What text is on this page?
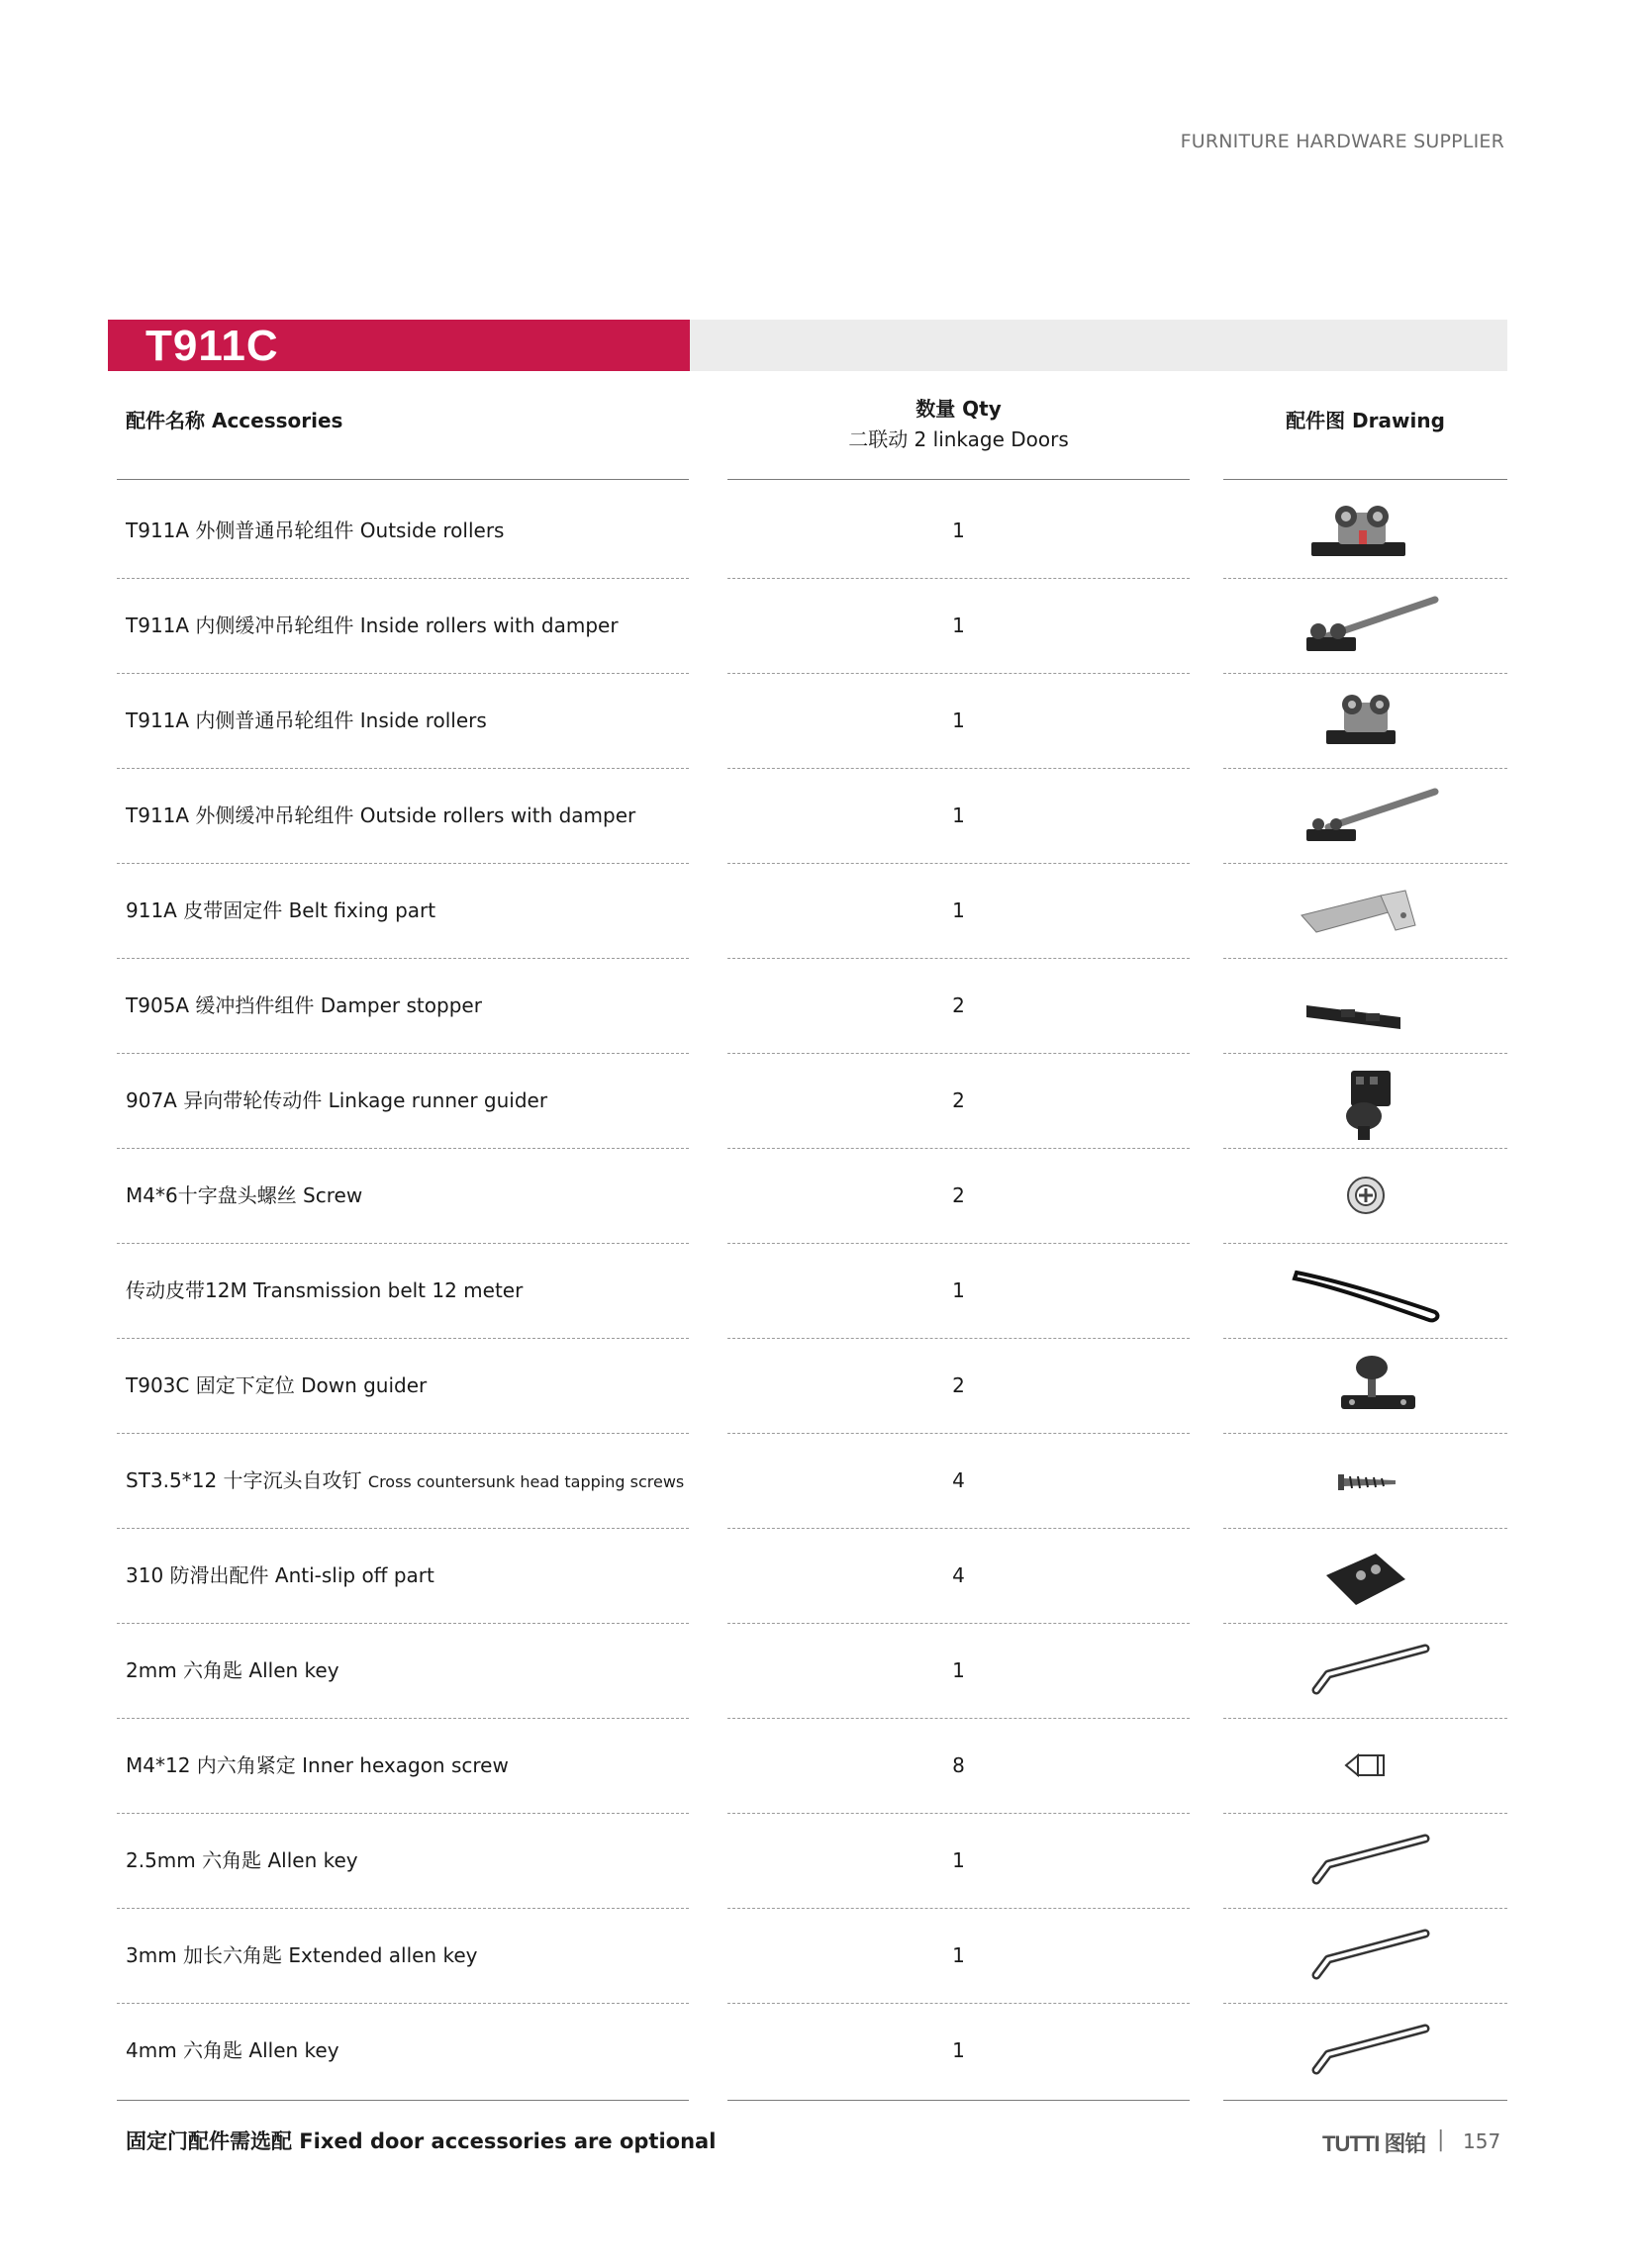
FURNITURE HARDWARE SUPPLIER
T911C
配件名称 Accessories	数量 Qty
二联动 2 linkage Doors
配件图 Drawing
T911A 外侧普通吊轮组件 Outside rollers	1
T911A 内侧缓冲吊轮组件 Inside rollers with damper	1
T911A 内侧普通吊轮组件 Inside rollers	1
T911A 外侧缓冲吊轮组件 Outside rollers with damper	1
911A 皮带固定件 Belt fixing part	1
T905A 缓冲挡件组件 Damper stopper	2
907A 异向带轮传动件 Linkage runner guider	2
M4*6十字盘头螺丝 Screw	2
传动皮带12M Transmission belt 12 meter	1
T903C 固定下定位 Down guider	2
ST3.5*12 十字沉头自攻钉 Cross countersunk head tapping screws	4
310 防滑出配件 Anti-slip off part	4
2mm 六角匙 Allen key	1
M4*12 内六角紧定 Inner hexagon screw	8
2.5mm 六角匙 Allen key	1
3mm 加长六角匙 Extended allen key	1
4mm 六角匙 Allen key	1
固定门配件需选配 Fixed door accessories are optional	TUTTI 图铂 | 157
